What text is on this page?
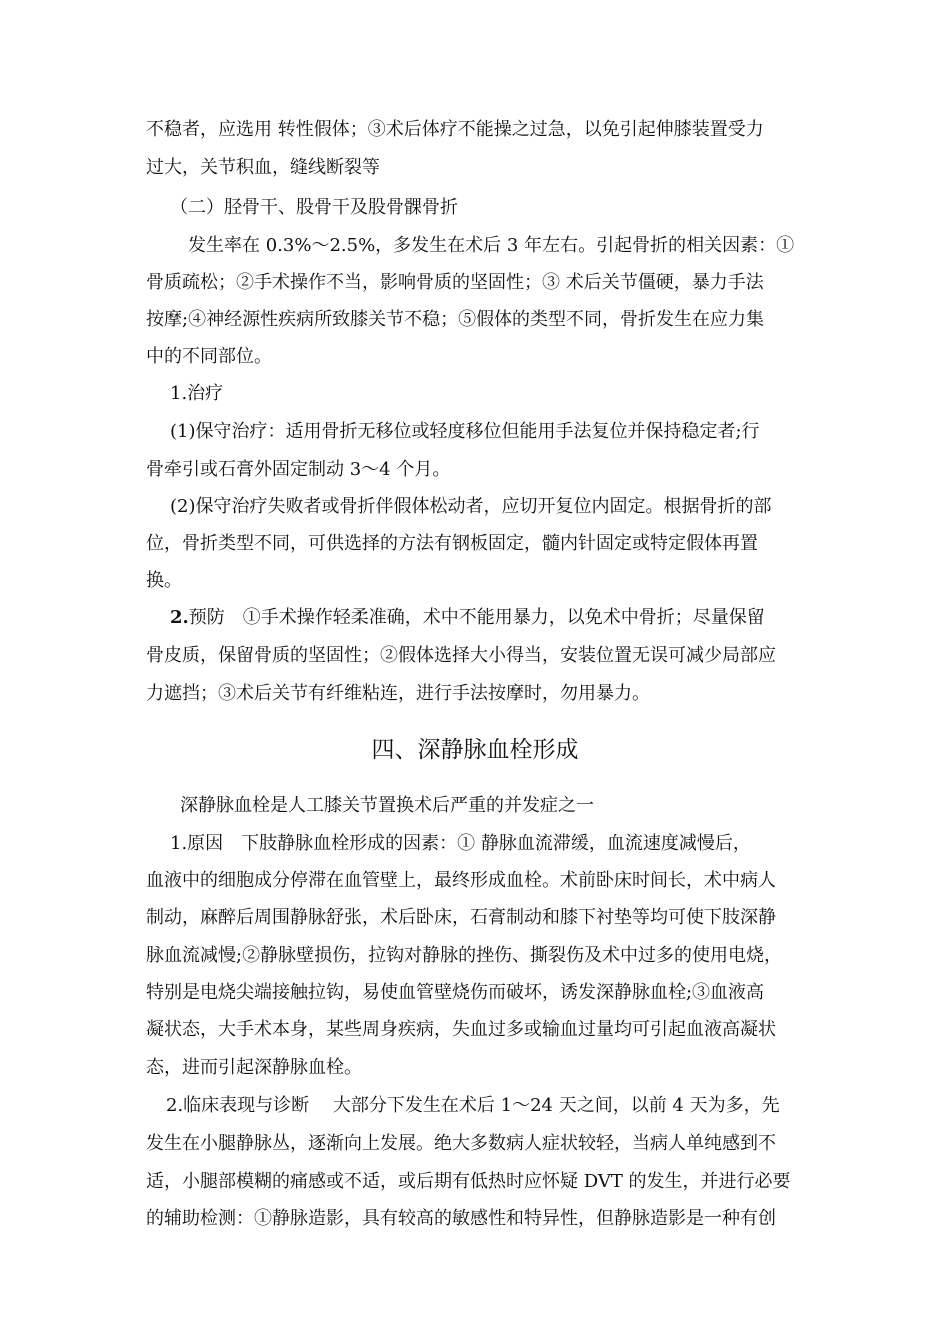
不稳者，应选用 转性假体；③术后体疗不能操之过急，以免引起伸膝装置受力
过大，关节积血，缝线断裂等
（二）胫骨干、股骨干及股骨髁骨折
发生率在 0.3%～2.5%，多发生在术后 3 年左右。引起骨折的相关因素：①
骨质疏松；②手术操作不当，影响骨质的坚固性；③ 术后关节僵硬，暴力手法
按摩;④神经源性疾病所致膝关节不稳；⑤假体的类型不同，骨折发生在应力集
中的不同部位。
1.治疗
(1)保守治疗：适用骨折无移位或轻度移位但能用手法复位并保持稳定者;行
骨牵引或石膏外固定制动 3～4 个月。
(2)保守治疗失败者或骨折伴假体松动者，应切开复位内固定。根据骨折的部
位，骨折类型不同，可供选择的方法有钢板固定，髓内针固定或特定假体再置
换。
2.预防　①手术操作轻柔准确，术中不能用暴力，以免术中骨折；尽量保留
骨皮质，保留骨质的坚固性；②假体选择大小得当，安装位置无误可减少局部应
力遮挡；③术后关节有纤维粘连，进行手法按摩时，勿用暴力。
四、深静脉血栓形成
深静脉血栓是人工膝关节置换术后严重的并发症之一
1.原因　下肢静脉血栓形成的因素：① 静脉血流滞缓，血流速度减慢后，
血液中的细胞成分停滞在血管壁上，最终形成血栓。术前卧床时间长，术中病人
制动，麻醉后周围静脉舒张，术后卧床，石膏制动和膝下衬垫等均可使下肢深静
脉血流减慢;②静脉壁损伤，拉钩对静脉的挫伤、撕裂伤及术中过多的使用电烧，
特别是电烧尖端接触拉钩，易使血管壁烧伤而破坏，诱发深静脉血栓;③血液高
凝状态，大手术本身，某些周身疾病，失血过多或输血过量均可引起血液高凝状
态，进而引起深静脉血栓。
2.临床表现与诊断　 大部分下发生在术后 1～24 天之间，以前 4 天为多，先
发生在小腿静脉丛，逐渐向上发展。绝大多数病人症状较轻，当病人单纯感到不
适，小腿部模糊的痛感或不适，或后期有低热时应怀疑 DVT 的发生，并进行必要
的辅助检测：①静脉造影，具有较高的敏感性和特异性，但静脉造影是一种有创
